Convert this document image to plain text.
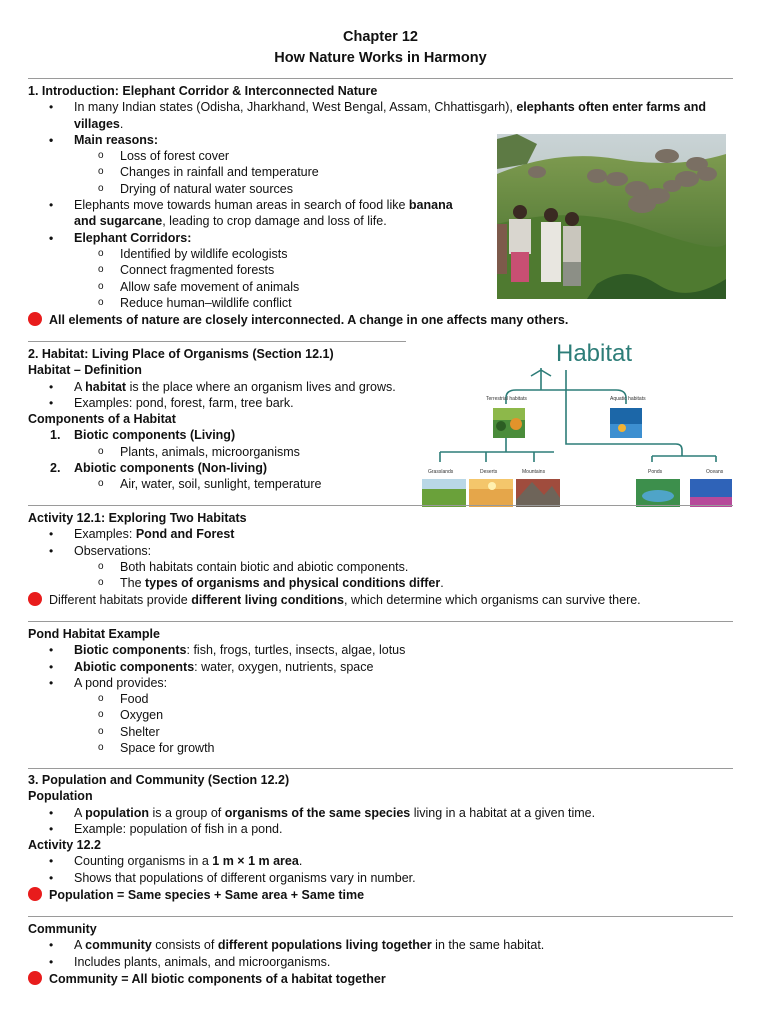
Chapter 12
How Nature Works in Harmony
1. Introduction: Elephant Corridor & Interconnected Nature
• In many Indian states (Odisha, Jharkhand, West Bengal, Assam, Chhattisgarh), elephants often enter farms and
villages.
• Main reasons:
o Loss of forest cover
o Changes in rainfall and temperature
o Drying of natural water sources
• Elephants move towards human areas in search of food like banana
and sugarcane, leading to crop damage and loss of life.
• Elephant Corridors:
o Identified by wildlife ecologists
o Connect fragmented forests
o Allow safe movement of animals
o Reduce human–wildlife conflict
All elements of nature are closely interconnected. A change in one affects many others.
2. Habitat: Living Place of Organisms (Section 12.1)
Habitat – Definition
• A habitat is the place where an organism lives and grows.
• Examples: pond, forest, farm, tree bark.
Components of a Habitat
1. Biotic components (Living)
o Plants, animals, microorganisms
2. Abiotic components (Non-living)
o Air, water, soil, sunlight, temperature
Habitat
Terrestrial habitats	Aquatic habitats
Grasslands	Deserts	Mountains	Ponds	Oceans
Activity 12.1: Exploring Two Habitats
• Examples: Pond and Forest
• Observations:
o Both habitats contain biotic and abiotic components.
o The types of organisms and physical conditions differ.
Different habitats provide different living conditions, which determine which organisms can survive there.
Pond Habitat Example
• Biotic components: fish, frogs, turtles, insects, algae, lotus
• Abiotic components: water, oxygen, nutrients, space
• A pond provides:
o Food
o Oxygen
o Shelter
o Space for growth
3. Population and Community (Section 12.2)
Population
• A population is a group of organisms of the same species living in a habitat at a given time.
• Example: population of fish in a pond.
Activity 12.2
• Counting organisms in a 1 m × 1 m area.
• Shows that populations of different organisms vary in number.
Population = Same species + Same area + Same time
Community
• A community consists of different populations living together in the same habitat.
• Includes plants, animals, and microorganisms.
Community = All biotic components of a habitat together
